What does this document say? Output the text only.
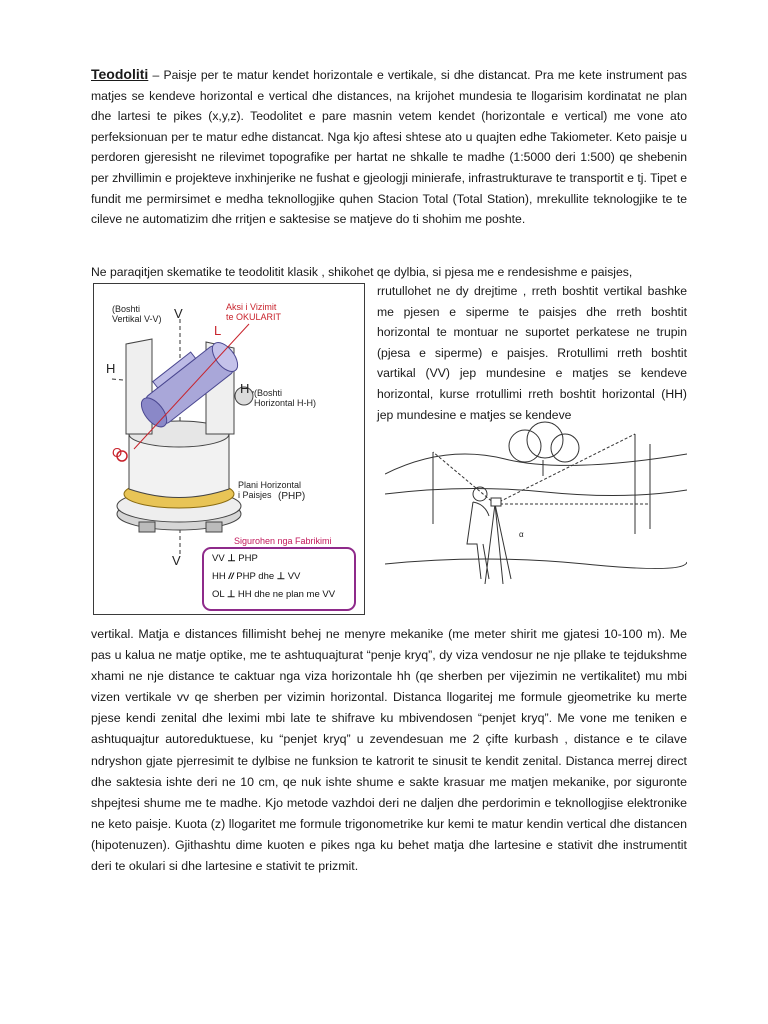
Teodoliti – Paisje per te matur kendet horizontale e vertikale, si dhe distancat. Pra me kete instrument pas matjes se kendeve horizontal e vertical dhe distances, na krijohet mundesia te llogarisim kordinatat ne plan dhe lartesi te pikes (x,y,z). Teodolitet e pare masnin vetem kendet (horizontale e vertical) me vone ato perfeksionuan per te matur edhe distancat. Nga kjo aftesi shtese ato u quajten edhe Takiometer. Keto paisje u perdoren gjeresisht ne rilevimet topografike per hartat ne shkalle te madhe (1:5000 deri 1:500) qe shebenin per zhvillimin e projekteve inxhinjerike ne fushat e gjeologji minierafe, infrastrukturave te transportit e tj. Tipet e fundit me permirsimet e medha teknollogjike quhen Stacion Total (Total Station), mrekullite teknologjike te te cileve ne automatizim dhe rritjen e saktesise se matjeve do ti shohim me poshte.
Ne paraqitjen skematike te teodolitit klasik , shikohet qe dylbia, si pjesa me e rendesishme e paisjes,
rrutullohet ne dy drejtime , rreth boshtit vertikal bashke me pjesen e siperme te paisjes dhe rreth boshtit horizontal te montuar ne suportet perkatese ne trupin (pjesa e siperme) e paisjes. Rrotullimi rreth boshtit vartikal (VV) jep mundesine e matjes se kendeve horizontal, kurse rrotullimi rreth boshtit horizontal (HH) jep mundesine e matjes se kendeve
(Boshti
Vertikal V-V) V	Aksi i Vizimit
te OKULARIT
L
H
H (Boshti
Horizontal H-H)
O
Plani Horizontal
i Paisjes (PHP)
V
Sigurohen nga Fabrikimi
VV ⊥ PHP
HH // PHP dhe ⊥ VV
OL ⊥ HH dhe ne plan me VV
α
vertikal. Matja e distances fillimisht behej ne menyre mekanike (me meter shirit me gjatesi 10-100 m). Me pas u kalua ne matje optike, me te ashtuquajturat “penje kryq”, dy viza vendosur ne nje pllake te tejdukshme xhami ne nje distance te caktuar nga viza horizontale hh (qe sherben per vijezimin ne vertikalitet) mu mbi vizen vertikale vv qe sherben per vizimin horizontal. Distanca llogaritej me formule gjeometrike ku merte pjese kendi zenital dhe leximi mbi late te shifrave ku mbivendosen “penjet kryq”. Me vone me teniken e ashtuquajtur autoreduktuese, ku “penjet kryq” u zevendesuan me 2 çifte kurbash , distance e te cilave ndryshon gjate pjerresimit te dylbise ne funksion te katrorit te sinusit te kendit zenital. Distanca merrej direct dhe saktesia ishte deri ne 10 cm, qe nuk ishte shume e sakte krasuar me matjen mekanike, por siguronte shpejtesi shume me te madhe. Kjo metode vazhdoi deri ne daljen dhe perdorimin e teknollogjise elektronike ne keto paisje. Kuota (z) llogaritet me formule trigonometrike kur kemi te matur kendin vertical dhe distancen (hipotenuzen). Gjithashtu dime kuoten e pikes nga ku behet matja dhe lartesine e stativit dhe instrumentit deri te okulari si dhe lartesine e stativit te prizmit.
